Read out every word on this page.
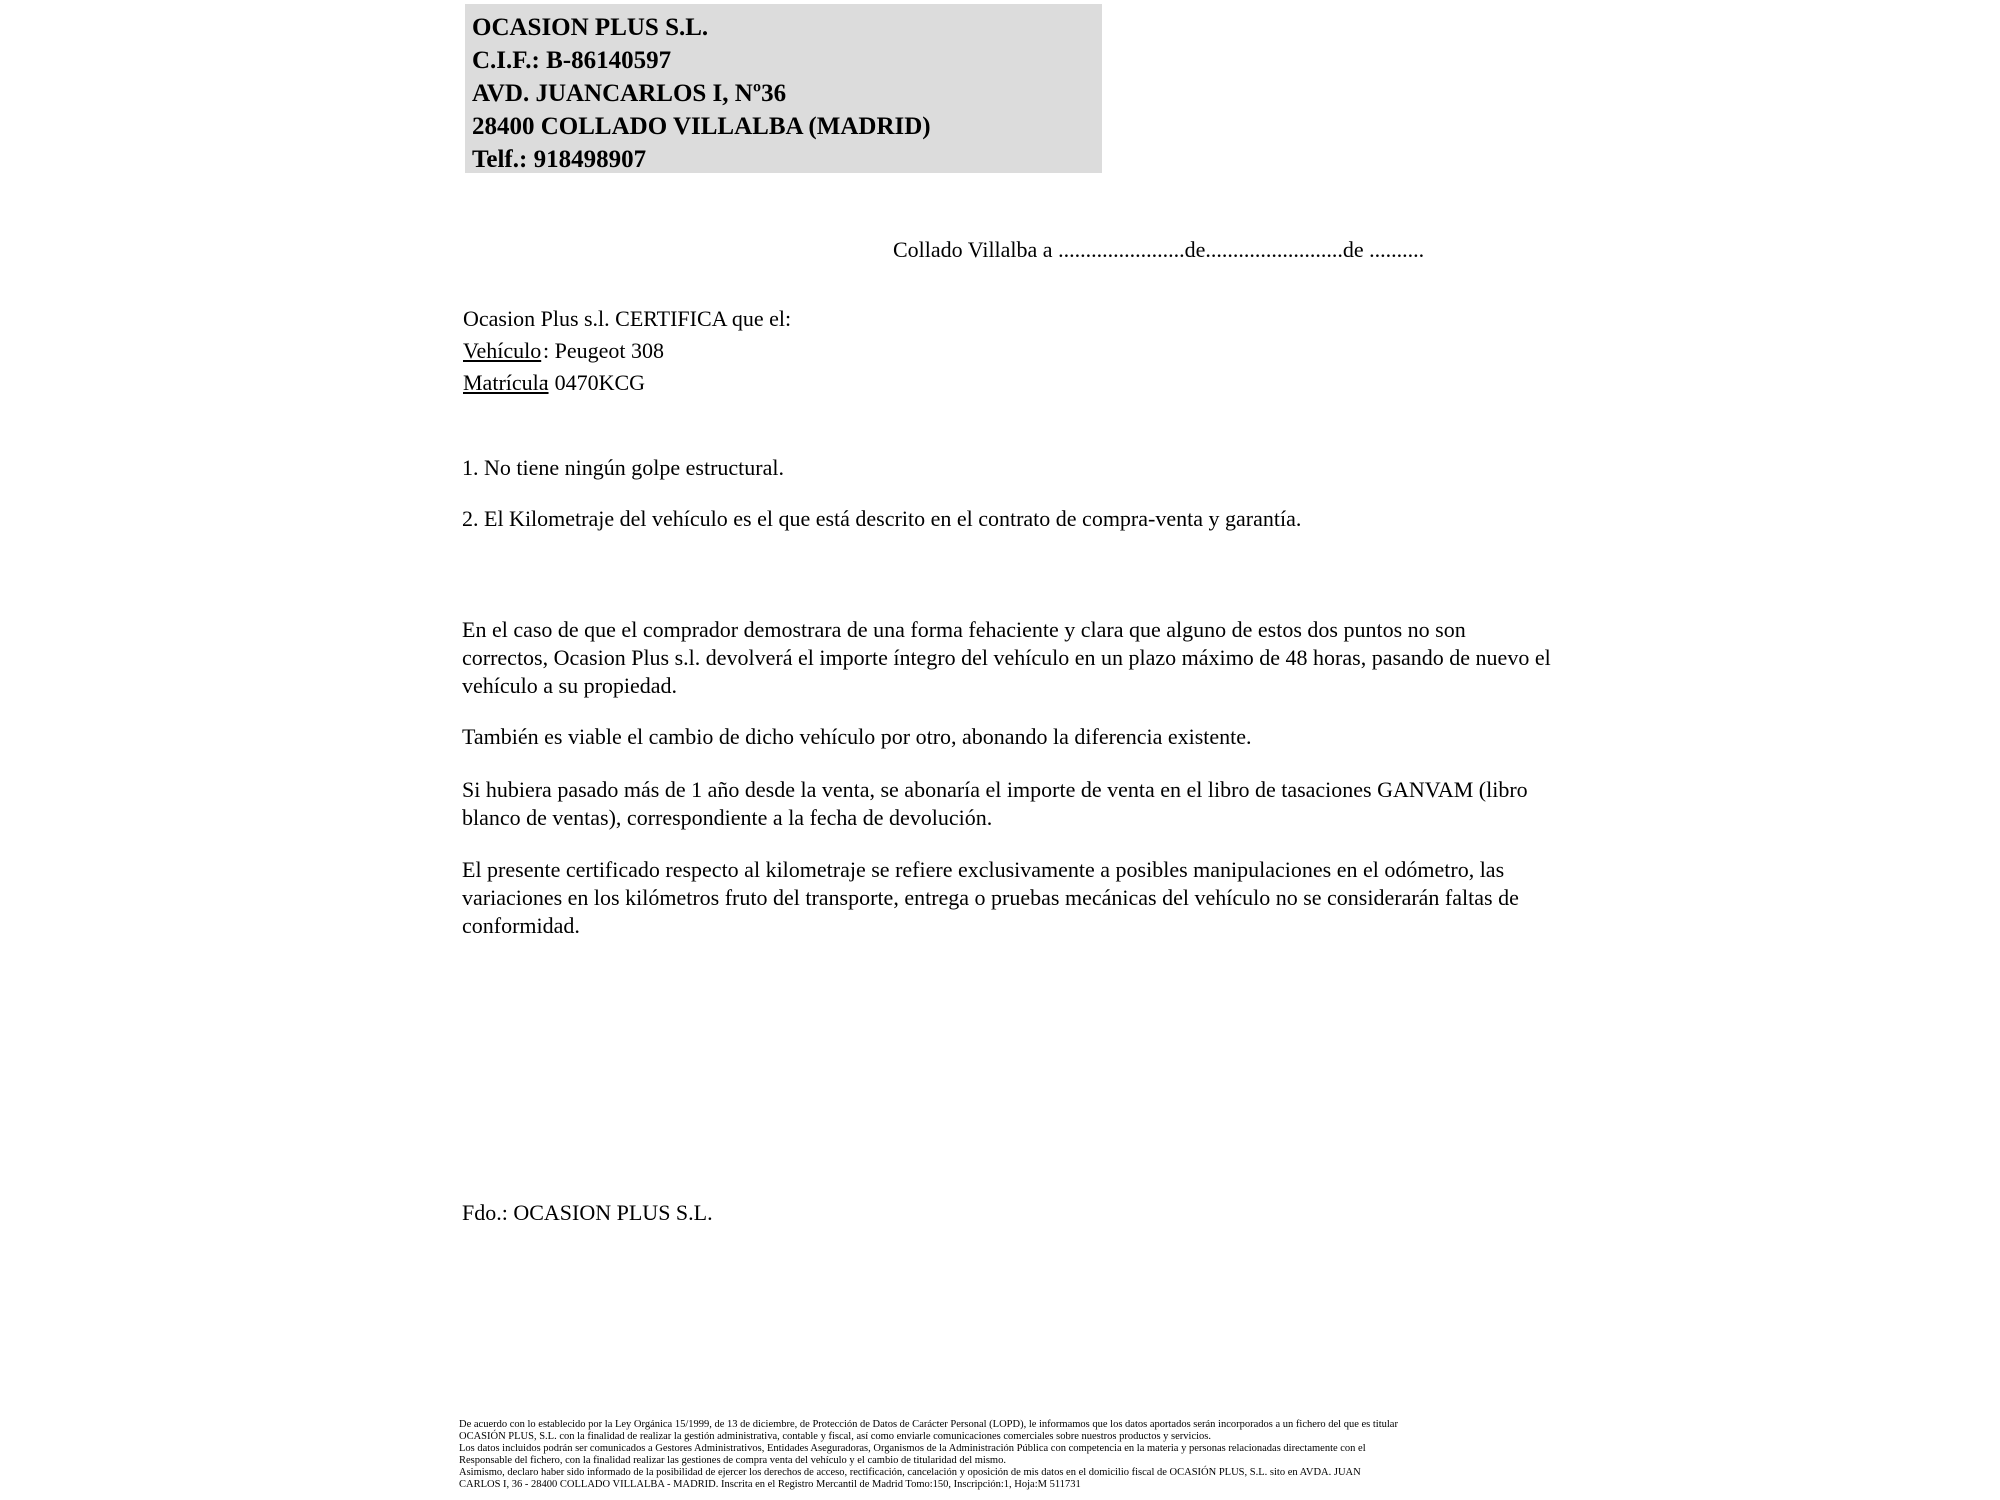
OCASION PLUS S.L.
C.I.F.: B-86140597
AVD. JUANCARLOS I, Nº36
28400 COLLADO VILLALBA (MADRID)
Telf.: 918498907
Collado Villalba a .......................de.........................de ..........
Ocasion Plus s.l. CERTIFICA que el:
Vehículo: Peugeot 308
Matrícula: 0470KCG
1. No tiene ningún golpe estructural.
2. El Kilometraje del vehículo es el que está descrito en el contrato de compra-venta y garantía.
En el caso de que el comprador demostrara de una forma fehaciente y clara que alguno de estos dos puntos no son correctos, Ocasion Plus s.l. devolverá el importe íntegro del vehículo en un plazo máximo de 48 horas, pasando de nuevo el vehículo a su propiedad.
También es viable el cambio de dicho vehículo por otro, abonando la diferencia existente.
Si hubiera pasado más de 1 año desde la venta, se abonaría el importe de venta en el libro de tasaciones GANVAM (libro blanco de ventas), correspondiente a la fecha de devolución.
El presente certificado respecto al kilometraje se refiere exclusivamente a posibles manipulaciones en el odómetro, las variaciones en los kilómetros fruto del transporte, entrega o pruebas mecánicas del vehículo no se considerarán faltas de conformidad.
Fdo.: OCASION PLUS S.L.
De acuerdo con lo establecido por la Ley Orgánica 15/1999, de 13 de diciembre, de Protección de Datos de Carácter Personal (LOPD), le informamos que los datos aportados serán incorporados a un fichero del que es titular
OCASIÓN PLUS, S.L. con la finalidad de realizar la gestión administrativa, contable y fiscal, así como enviarle comunicaciones comerciales sobre nuestros productos y servicios.
Los datos incluidos podrán ser comunicados a Gestores Administrativos, Entidades Aseguradoras, Organismos de la Administración Pública con competencia en la materia y personas relacionadas directamente con el
Responsable del fichero, con la finalidad realizar las gestiones de compra venta del vehículo y el cambio de titularidad del mismo.
Asimismo, declaro haber sido informado de la posibilidad de ejercer los derechos de acceso, rectificación, cancelación y oposición de mis datos en el domicilio fiscal de OCASIÓN PLUS, S.L. sito en AVDA. JUAN
CARLOS I, 36 - 28400 COLLADO VILLALBA - MADRID. Inscrita en el Registro Mercantil de Madrid Tomo:150, Inscripción:1, Hoja:M 511731
